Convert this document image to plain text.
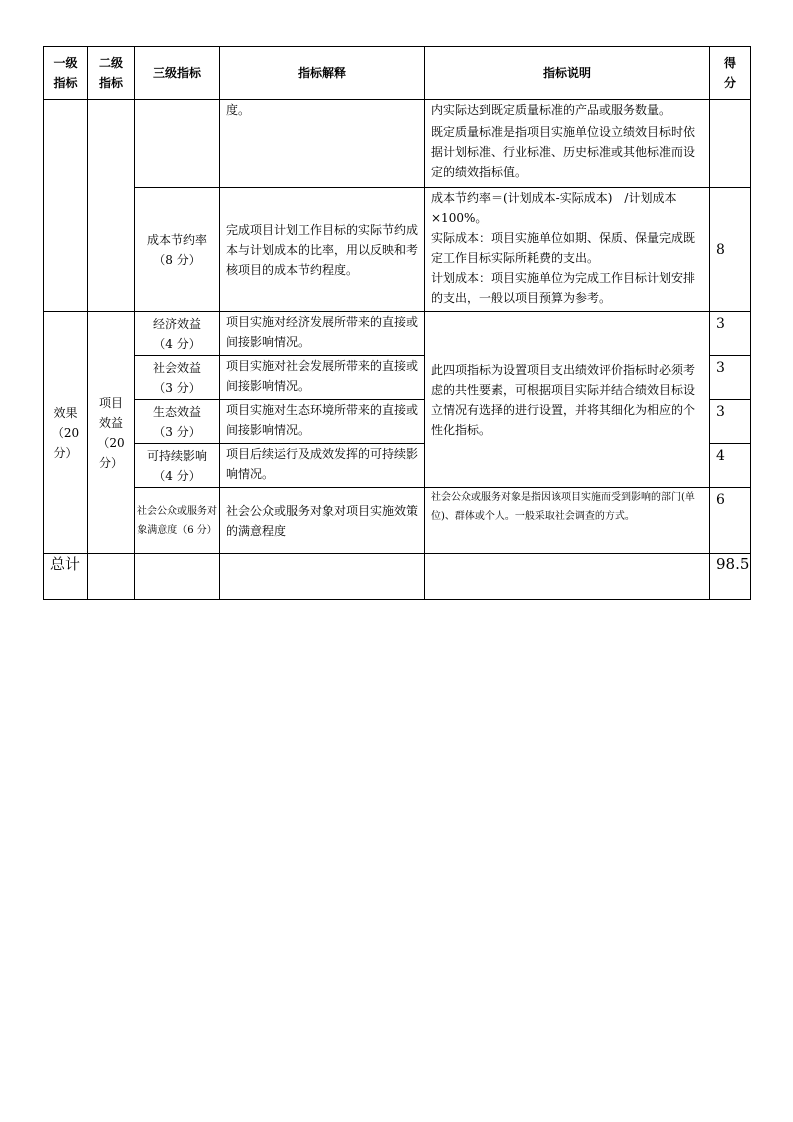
一级
指标	二级
指标	三级指标	指标解释	指标说明	得
分

			度。	内实际达到既定质量标准的产品或服务数量。
既定质量标准是指项目实施单位设立绩效目标时依据计划标准、行业标准、历史标准或其他标准而设定的绩效指标值。	

		成本节约率
（8 分）	完成项目计划工作目标的实际节约成本与计划成本的比率，用以反映和考核项目的成本节约程度。	成本节约率＝(计划成本-实际成本)　/计划成本×100%。
实际成本：项目实施单位如期、保质、保量完成既定工作目标实际所耗费的支出。
计划成本：项目实施单位为完成工作目标计划安排的支出，一般以项目预算为参考。	8

效果
（20
分）	项目
效益
（20
分）	经济效益
（4 分）	项目实施对经济发展所带来的直接或间接影响情况。	此四项指标为设置项目支出绩效评价指标时必须考虑的共性要素，可根据项目实际并结合绩效目标设立情况有选择的进行设置，并将其细化为相应的个性化指标。	3

		社会效益
（3 分）	项目实施对社会发展所带来的直接或间接影响情况。		3

		生态效益
（3 分）	项目实施对生态环境所带来的直接或间接影响情况。		3

		可持续影响
（4 分）	项目后续运行及成效发挥的可持续影响情况。		4
		社会公众或服务对象满意度（6 分）	社会公众或服务对象对项目实施效策的满意程度	社会公众或服务对象是指因该项目实施而受到影响的部门(单位)、群体或个人。一般采取社会调查的方式。	6
总计					98.5
